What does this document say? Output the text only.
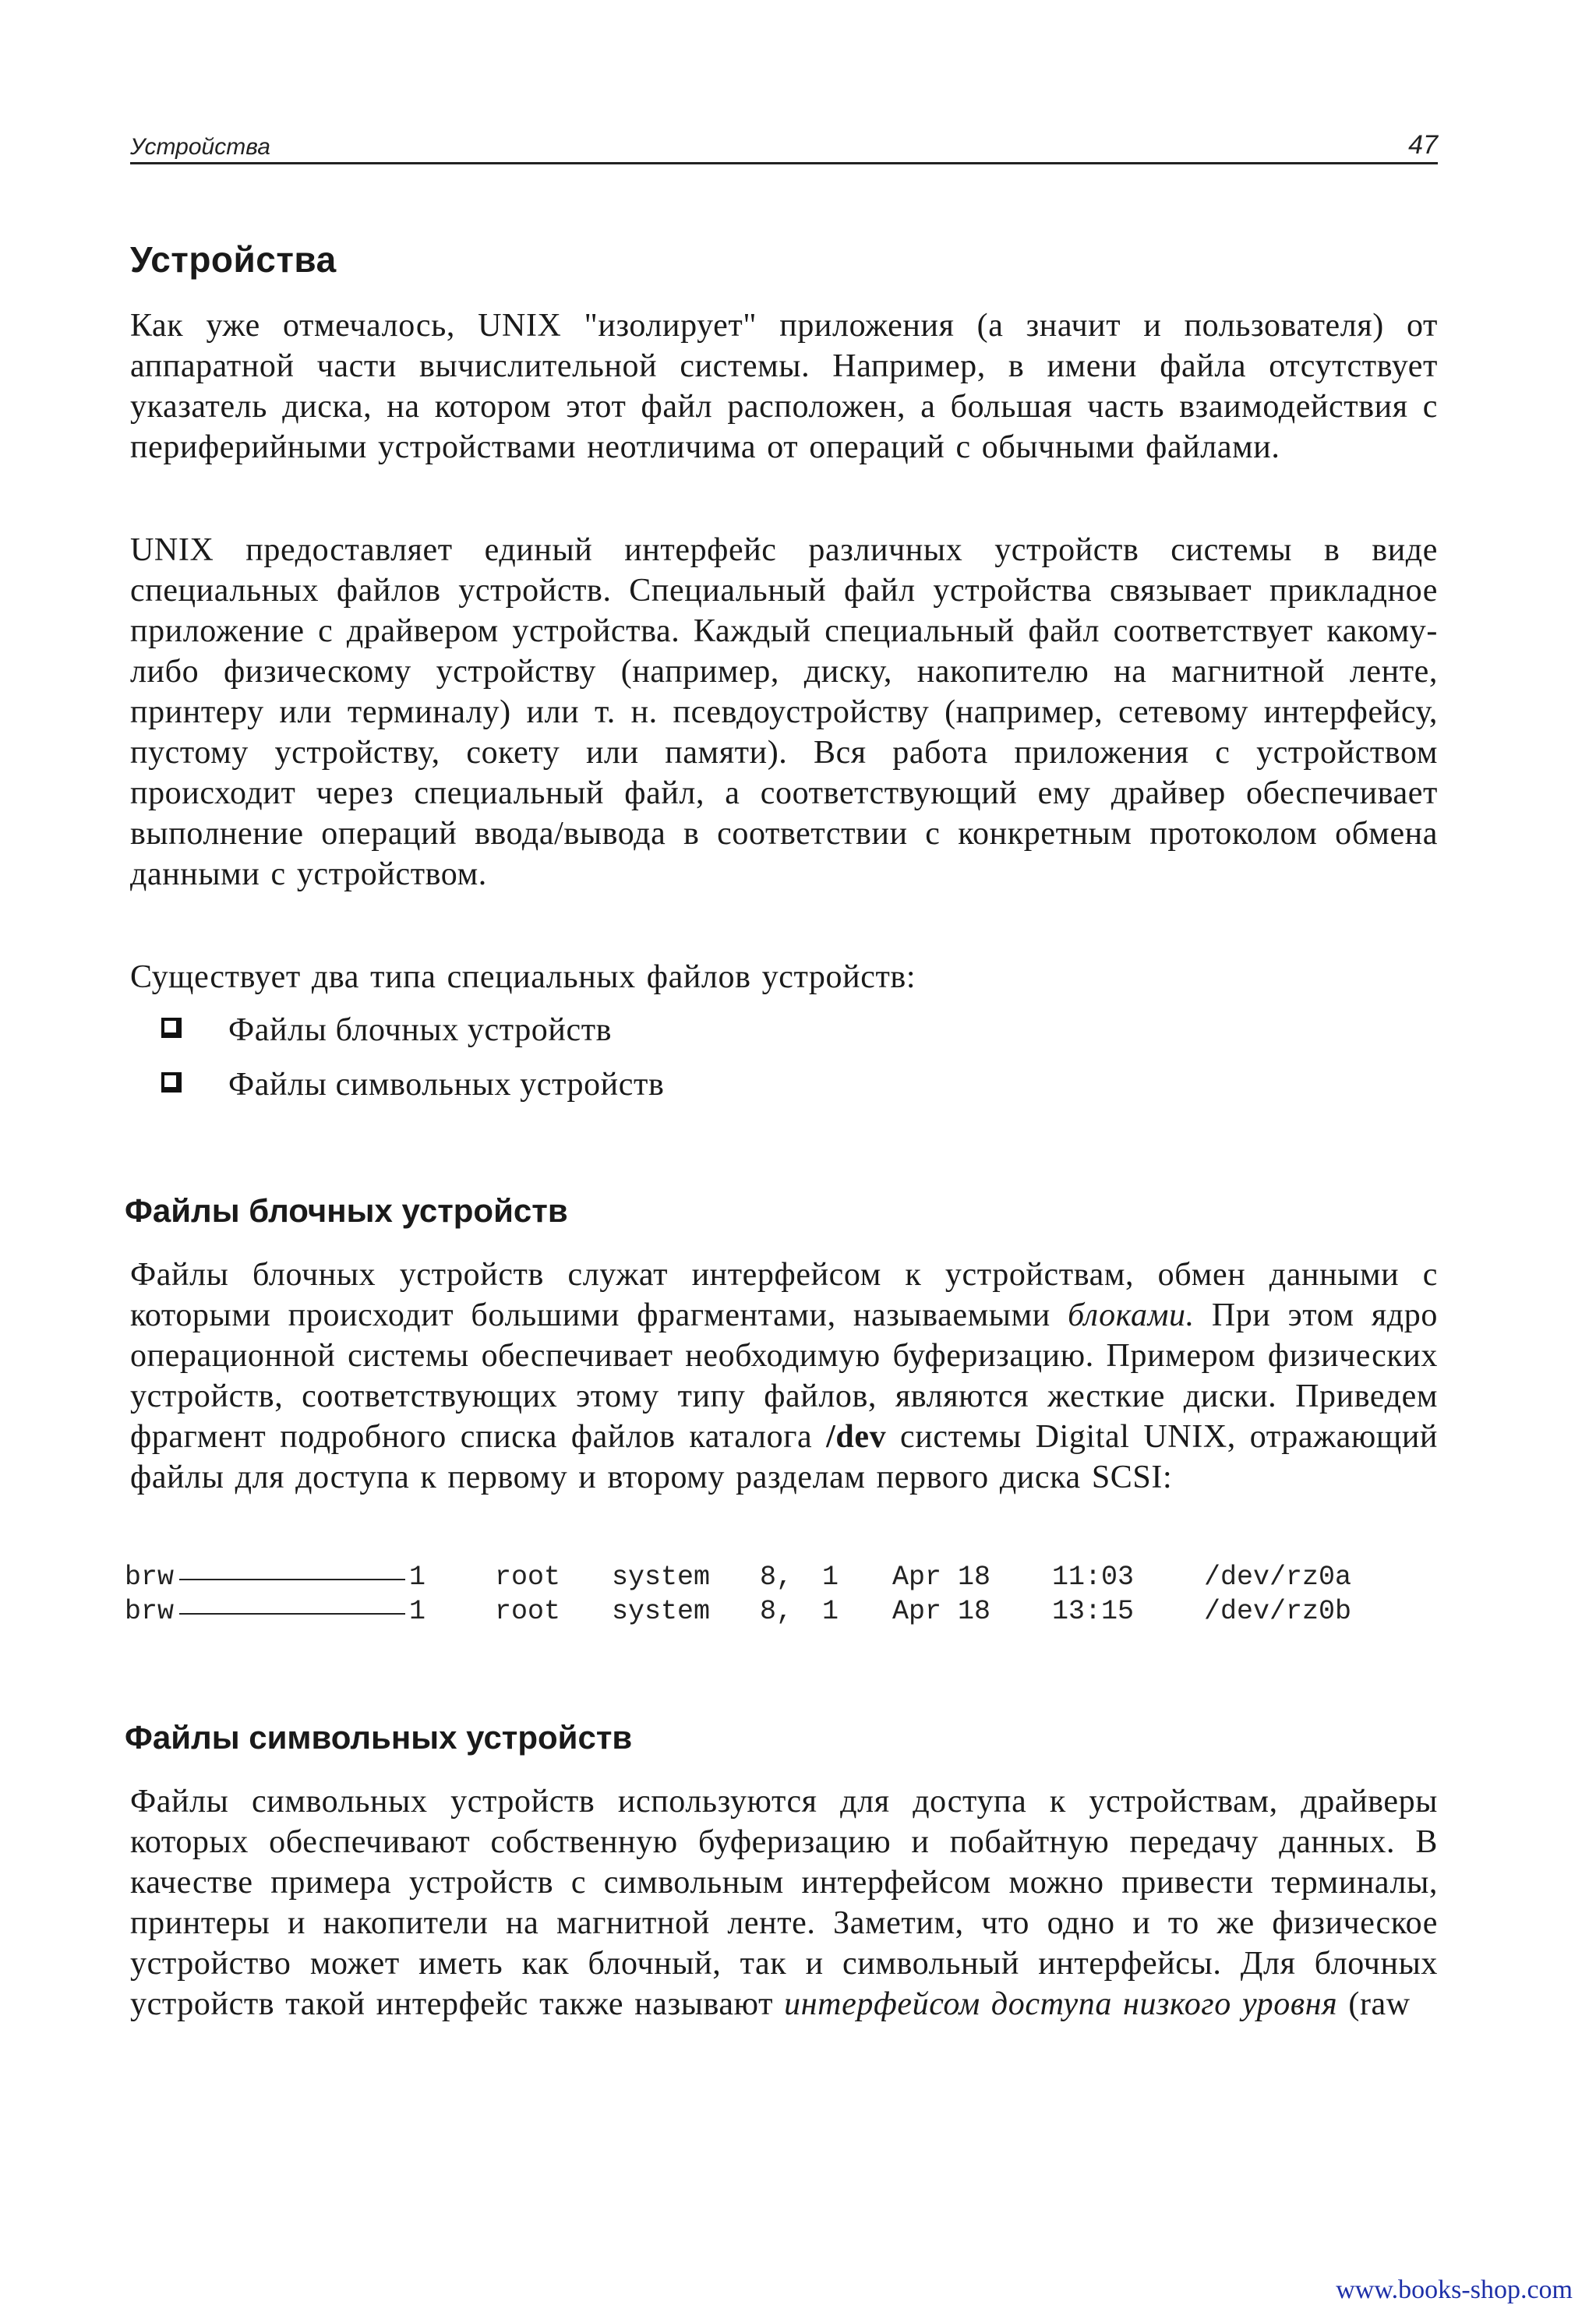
Устройства	47
Устройства

Как уже отмечалось, UNIX "изолирует" приложения (а значит и пользователя) от аппаратной части вычислительной системы. Например, в имени файла отсутствует указатель диска, на котором этот файл расположен, а большая часть взаимодействия с периферийными устройствами неотличима от операций с обычными файлами.

UNIX предоставляет единый интерфейс различных устройств системы в виде специальных файлов устройств. Специальный файл устройства связывает прикладное приложение с драйвером устройства. Каждый специальный файл соответствует какому-либо физическому устройству (например, диску, накопителю на магнитной ленте, принтеру или терминалу) или т. н. псевдоустройству (например, сетевому интерфейсу, пустому устройству, сокету или памяти). Вся работа приложения с устройством происходит через специальный файл, а соответствующий ему драйвер обеспечивает выполнение операций ввода/вывода в соответствии с конкретным протоколом обмена данными с устройством.

Существует два типа специальных файлов устройств:

Файлы блочных устройств
Файлы символьных устройств
Файлы блочных устройств

Файлы блочных устройств служат интерфейсом к устройствам, обмен данными с которыми происходит большими фрагментами, называемыми блоками. При этом ядро операционной системы обеспечивает необходимую буферизацию. Примером физических устройств, соответствующих этому типу файлов, являются жесткие диски. Приведем фрагмент подробного списка файлов каталога /dev системы Digital UNIX, отражающий файлы для доступа к первому и второму разделам первого диска SCSI:

brw	1	root system 8, 1 Apr 18 11:03	/dev/rz0a
brw	1	root system 8, 1 Apr 18 13:15	/dev/rz0b
Файлы символьных устройств

Файлы символьных устройств используются для доступа к устройствам, драйверы которых обеспечивают собственную буферизацию и побайтную передачу данных. В качестве примера устройств с символьным интерфейсом можно привести терминалы, принтеры и накопители на магнитной ленте. Заметим, что одно и то же физическое устройство может иметь как блочный, так и символьный интерфейсы. Для блочных устройств такой интерфейс также называют интерфейсом доступа низкого уровня (raw

www.books-shop.com
